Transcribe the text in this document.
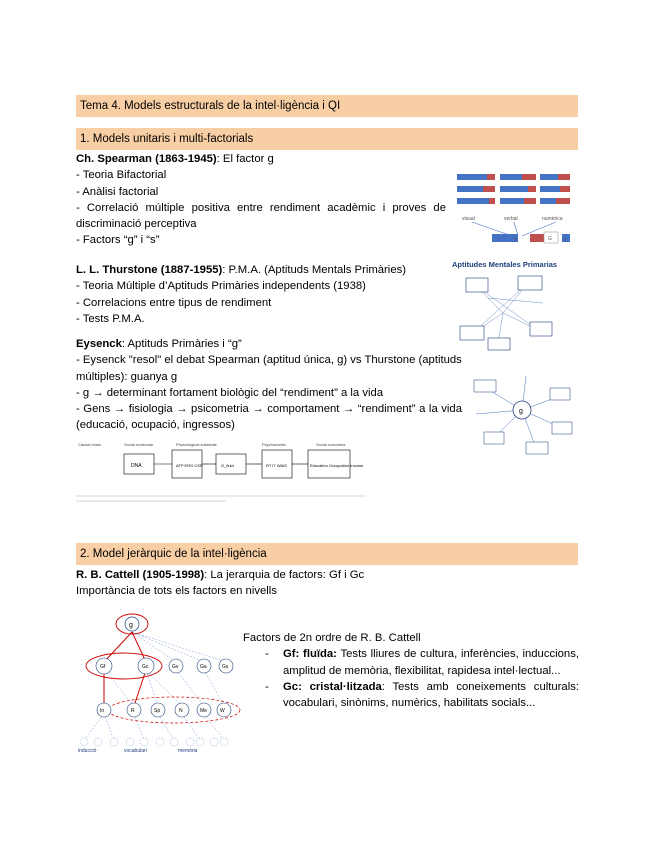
Tema 4. Models estructurals de la intel·ligència i QI
1. Models unitaris i multi-factorials
Ch. Spearman (1863-1945): El factor g
- Teoria Bifactorial
- Anàlisi factorial
- Correlació múltiple positiva entre rendiment acadèmic i proves de discriminació perceptiva
- Factors “g” i “s”
visual	verbal	numèrica
s	G s
L. L. Thurstone (1887-1955): P.M.A. (Aptituds Mentals Primàries)
- Teoria Múltiple d’Aptituds Primàries independents (1938)
- Correlacions entre tipus de rendiment
- Tests P.M.A.
Aptitudes Mentales Primarias
Eysenck: Aptituds Primàries i “g”
- Eysenck "resol" el debat Spearman (aptitud única, g) vs Thurstone (aptituds múltiples): guanya g
- g → determinant fortament biològic del “rendiment” a la vida
- Gens → fisiologia → psicometria → comportament → “rendiment” a la vida (educació, ocupació, ingressos)
g
Causal chain	Social molecular	Physiological substrate	Psychometric	Social outcomes
DNA	ATP ERG CSR	G_fluid	RT IT WAIS	Education Occupation Income
2. Model jeràrquic de la intel·ligència
R. B. Cattell (1905-1998): La jerarquia de factors: Gf i Gc
Importància de tots els factors en nivells
g
Gf	Gc	Gv	Ga	Gs
In	R	Sp	N	Me	W
inducció	vocabulari	memòria
Factors de 2n ordre de R. B. Cattell
-	Gf: fluïda: Tests lliures de cultura, inferències, induccions, amplitud de memòria, flexibilitat, rapidesa intel·lectual...
-	Gc: cristal·litzada: Tests amb coneixements culturals: vocabulari, sinònims, numèrics, habilitats socials...
